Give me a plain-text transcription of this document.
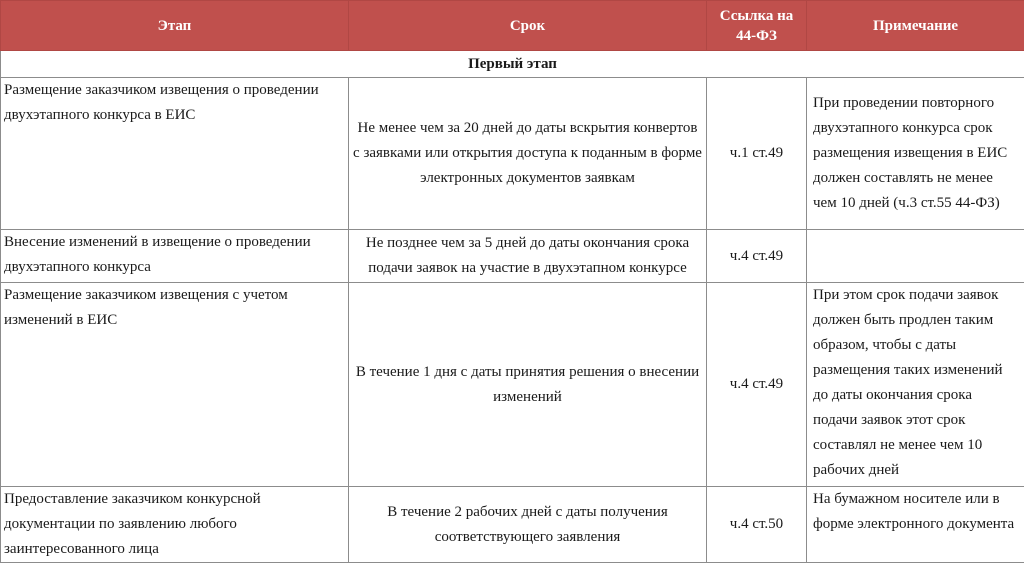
Этап	Срок	Ссылка на 44-ФЗ	Примечание
Первый этап			
Размещение заказчиком извещения о проведении двухэтапного конкурса в ЕИС	Не менее чем за 20 дней до даты вскрытия конвертов с заявками или открытия доступа к поданным в форме электронных документов заявкам	ч.1 ст.49	При проведении повторного двухэтапного конкурса срок размещения извещения в ЕИС должен составлять не менее чем 10 дней (ч.3 ст.55 44-ФЗ)
Внесение изменений в извещение о проведении двухэтапного конкурса	Не позднее чем за 5 дней до даты окончания срока подачи заявок на участие в двухэтапном конкурсе	ч.4 ст.49	
Размещение заказчиком извещения с учетом изменений в ЕИС	В течение 1 дня с даты принятия решения о внесении изменений	ч.4 ст.49	При этом срок подачи заявок должен быть продлен таким образом, чтобы с даты размещения таких изменений до даты окончания срока подачи заявок этот срок составлял не менее чем 10 рабочих дней
Предоставление заказчиком конкурсной документации по заявлению любого заинтересованного лица	В течение 2 рабочих дней с даты получения соответствующего заявления	ч.4 ст.50	На бумажном носителе или в форме электронного документа
